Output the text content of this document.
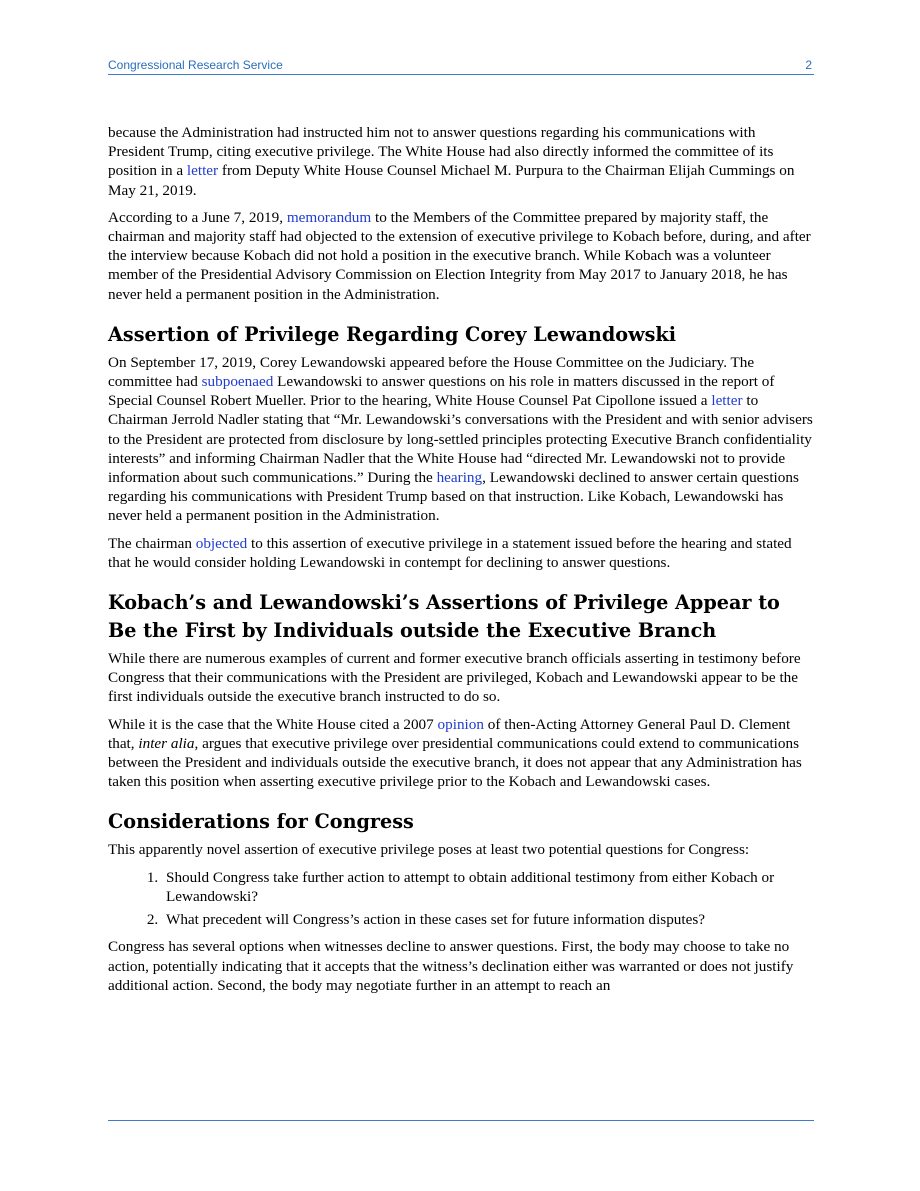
Congressional Research Service	2

because the Administration had instructed him not to answer questions regarding his communications with President Trump, citing executive privilege. The White House had also directly informed the committee of its position in a letter from Deputy White House Counsel Michael M. Purpura to the Chairman Elijah Cummings on May 21, 2019.

According to a June 7, 2019, memorandum to the Members of the Committee prepared by majority staff, the chairman and majority staff had objected to the extension of executive privilege to Kobach before, during, and after the interview because Kobach did not hold a position in the executive branch. While Kobach was a volunteer member of the Presidential Advisory Commission on Election Integrity from May 2017 to January 2018, he has never held a permanent position in the Administration.

Assertion of Privilege Regarding Corey Lewandowski

On September 17, 2019, Corey Lewandowski appeared before the House Committee on the Judiciary. The committee had subpoenaed Lewandowski to answer questions on his role in matters discussed in the report of Special Counsel Robert Mueller. Prior to the hearing, White House Counsel Pat Cipollone issued a letter to Chairman Jerrold Nadler stating that “Mr. Lewandowski’s conversations with the President and with senior advisers to the President are protected from disclosure by long-settled principles protecting Executive Branch confidentiality interests” and informing Chairman Nadler that the White House had “directed Mr. Lewandowski not to provide information about such communications.” During the hearing, Lewandowski declined to answer certain questions regarding his communications with President Trump based on that instruction. Like Kobach, Lewandowski has never held a permanent position in the Administration.

The chairman objected to this assertion of executive privilege in a statement issued before the hearing and stated that he would consider holding Lewandowski in contempt for declining to answer questions.

Kobach’s and Lewandowski’s Assertions of Privilege Appear to Be the First by Individuals outside the Executive Branch

While there are numerous examples of current and former executive branch officials asserting in testimony before Congress that their communications with the President are privileged, Kobach and Lewandowski appear to be the first individuals outside the executive branch instructed to do so.

While it is the case that the White House cited a 2007 opinion of then-Acting Attorney General Paul D. Clement that, inter alia, argues that executive privilege over presidential communications could extend to communications between the President and individuals outside the executive branch, it does not appear that any Administration has taken this position when asserting executive privilege prior to the Kobach and Lewandowski cases.

Considerations for Congress

This apparently novel assertion of executive privilege poses at least two potential questions for Congress:

1. Should Congress take further action to attempt to obtain additional testimony from either Kobach or Lewandowski?
2. What precedent will Congress’s action in these cases set for future information disputes?

Congress has several options when witnesses decline to answer questions. First, the body may choose to take no action, potentially indicating that it accepts that the witness’s declination either was warranted or does not justify additional action. Second, the body may negotiate further in an attempt to reach an
